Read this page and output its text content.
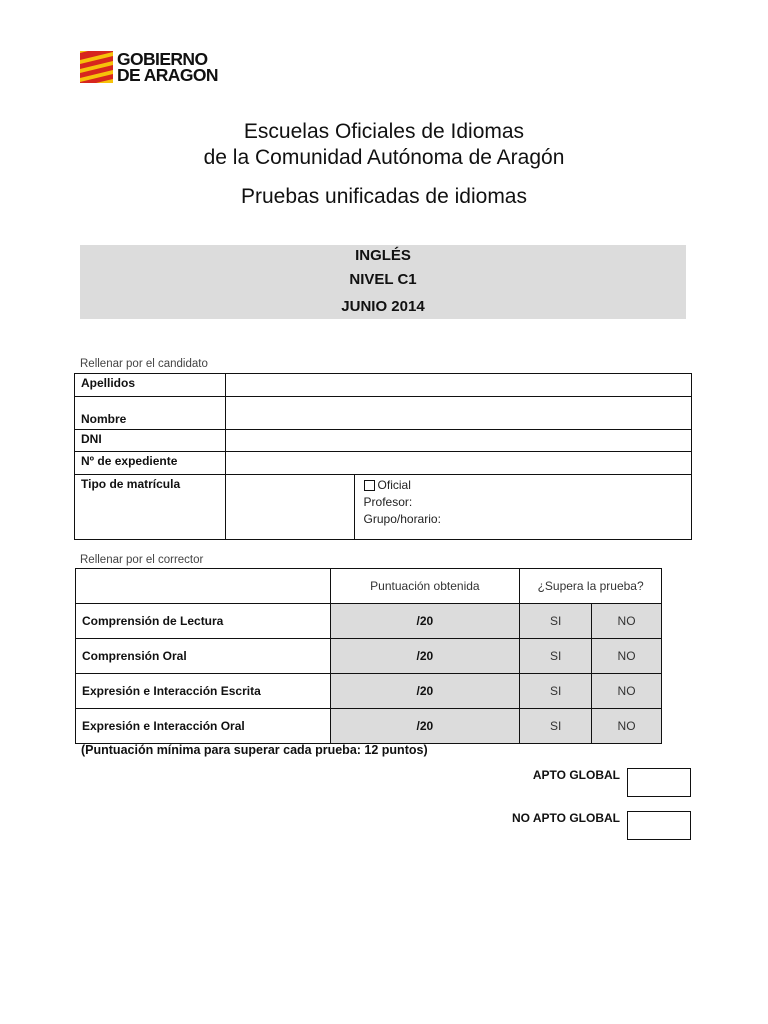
GOBIERNO
DE ARAGON
Escuelas Oficiales de Idiomas
de la Comunidad Autónoma de Aragón
Pruebas unificadas de idiomas
INGLÉS
NIVEL C1
JUNIO 2014
Rellenar por el candidato
Apellidos		
Nombre		
DNI		
Nº de expediente		
Tipo de matrícula		Oficial
Profesor:
Grupo/horario:
Rellenar por el corrector
	Puntuación obtenida	¿Supera la prueba?	
Comprensión de Lectura	/20	SI	NO
Comprensión Oral	/20	SI	NO
Expresión e Interacción Escrita	/20	SI	NO
Expresión e Interacción Oral	/20	SI	NO
(Puntuación mínima para superar cada prueba: 12 puntos)
APTO GLOBAL
NO APTO GLOBAL
